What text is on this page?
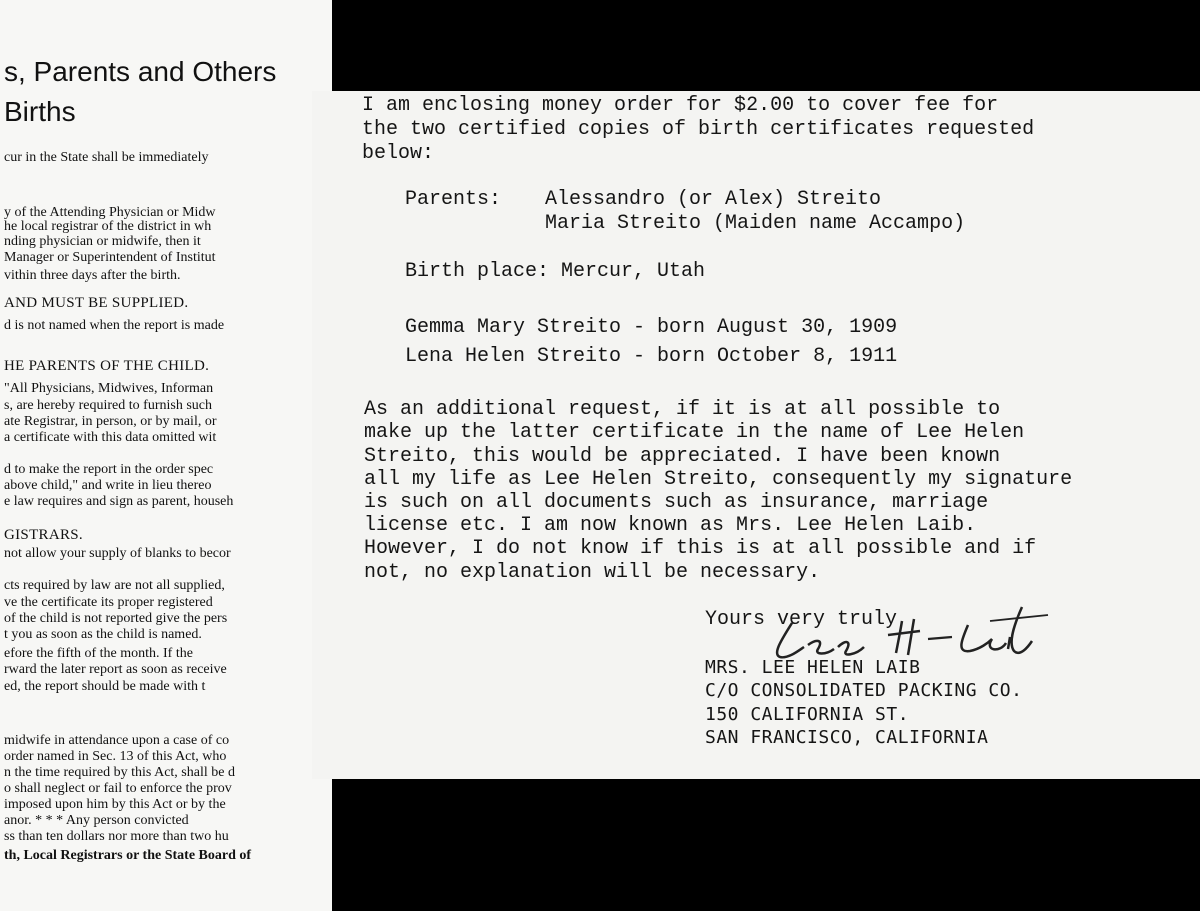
s, Parents and Others
Births
cur in the State shall be immediately
y of the Attending Physician or Midw
he local registrar of the district in wh
nding physician or midwife, then it
Manager or Superintendent of Institut
vithin three days after the birth.
AND MUST BE SUPPLIED.
d is not named when the report is made
HE PARENTS OF THE CHILD.
"All Physicians, Midwives, Informan
s, are hereby required to furnish such
ate Registrar, in person, or by mail, or
a certificate with this data omitted wit
d to make the report in the order spec
above child," and write in lieu thereo
e law requires and sign as parent, househ
GISTRARS.
not allow your supply of blanks to becor
cts required by law are not all supplied,
ve the certificate its proper registered
of the child is not reported give the pers
t you as soon as the child is named.
efore the fifth of the month. If the
rward the later report as soon as receive
ed, the report should be made with t
midwife in attendance upon a case of co
order named in Sec. 13 of this Act, who
n the time required by this Act, shall be d
o shall neglect or fail to enforce the prov
imposed upon him by this Act or by the
anor. * * * Any person convicted
ss than ten dollars nor more than two hu
th, Local Registrars or the State Board of
I am enclosing money order for $2.00 to cover fee for
the two certified copies of birth certificates requested
below:
Parents: Alessandro (or Alex) Streito
Maria Streito (Maiden name Accampo)
Birth place: Mercur, Utah
Gemma Mary Streito - born August 30, 1909
Lena Helen Streito - born October 8, 1911
As an additional request, if it is at all possible to
make up the latter certificate in the name of Lee Helen
Streito, this would be appreciated. I have been known
all my life as Lee Helen Streito, consequently my signature
is such on all documents such as insurance, marriage
license etc. I am now known as Mrs. Lee Helen Laib.
However, I do not know if this is at all possible and if
not, no explanation will be necessary.
Yours very truly
MRS. LEE HELEN LAIB
C/O CONSOLIDATED PACKING CO.
150 CALIFORNIA ST.
SAN FRANCISCO, CALIFORNIA
